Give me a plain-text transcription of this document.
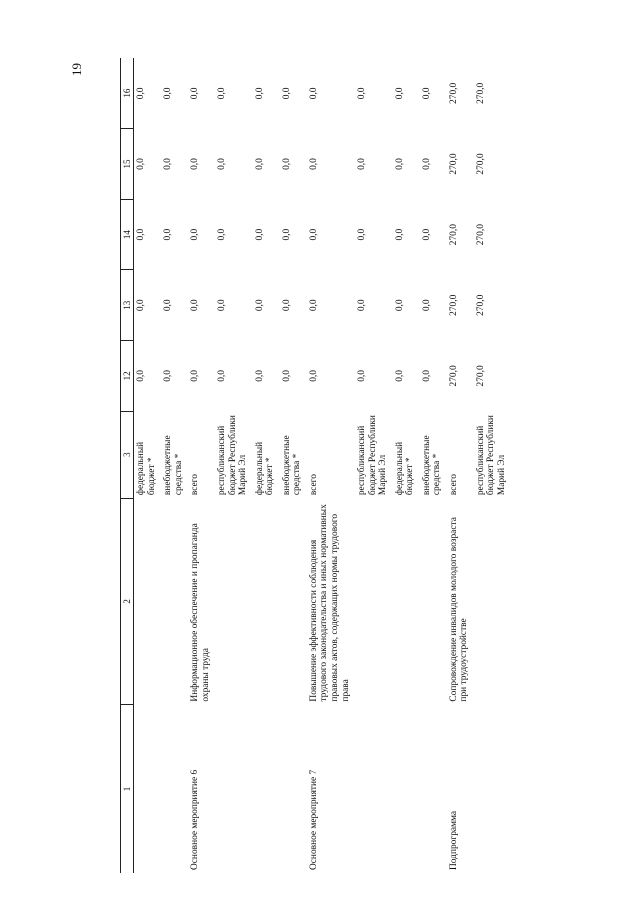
19
1	2	3	12	13	14	15	16
		федеральный бюджет *	0,0	0,0	0,0	0,0	0,0
		внебюджетные средства *	0,0	0,0	0,0	0,0	0,0
Основное мероприятие 6	Информационное обеспечение и пропаганда охраны труда	всего	0,0	0,0	0,0	0,0	0,0
		республиканский бюджет Республики Марий Эл	0,0	0,0	0,0	0,0	0,0
		федеральный бюджет *	0,0	0,0	0,0	0,0	0,0
		внебюджетные средства *	0,0	0,0	0,0	0,0	0,0
Основное мероприятие 7	Повышение эффективности соблюдения трудового законодательства и иных нормативных правовых актов, содержащих нормы трудового права	всего	0,0	0,0	0,0	0,0	0,0
		республиканский бюджет Республики Марий Эл	0,0	0,0	0,0	0,0	0,0
		федеральный бюджет *	0,0	0,0	0,0	0,0	0,0
		внебюджетные средства *	0,0	0,0	0,0	0,0	0,0
Подпрограмма	Сопровождение инвалидов молодого возраста при трудоустройстве	всего	270,0	270,0	270,0	270,0	270,0
		республиканский бюджет Республики Марий Эл	270,0	270,0	270,0	270,0	270,0
